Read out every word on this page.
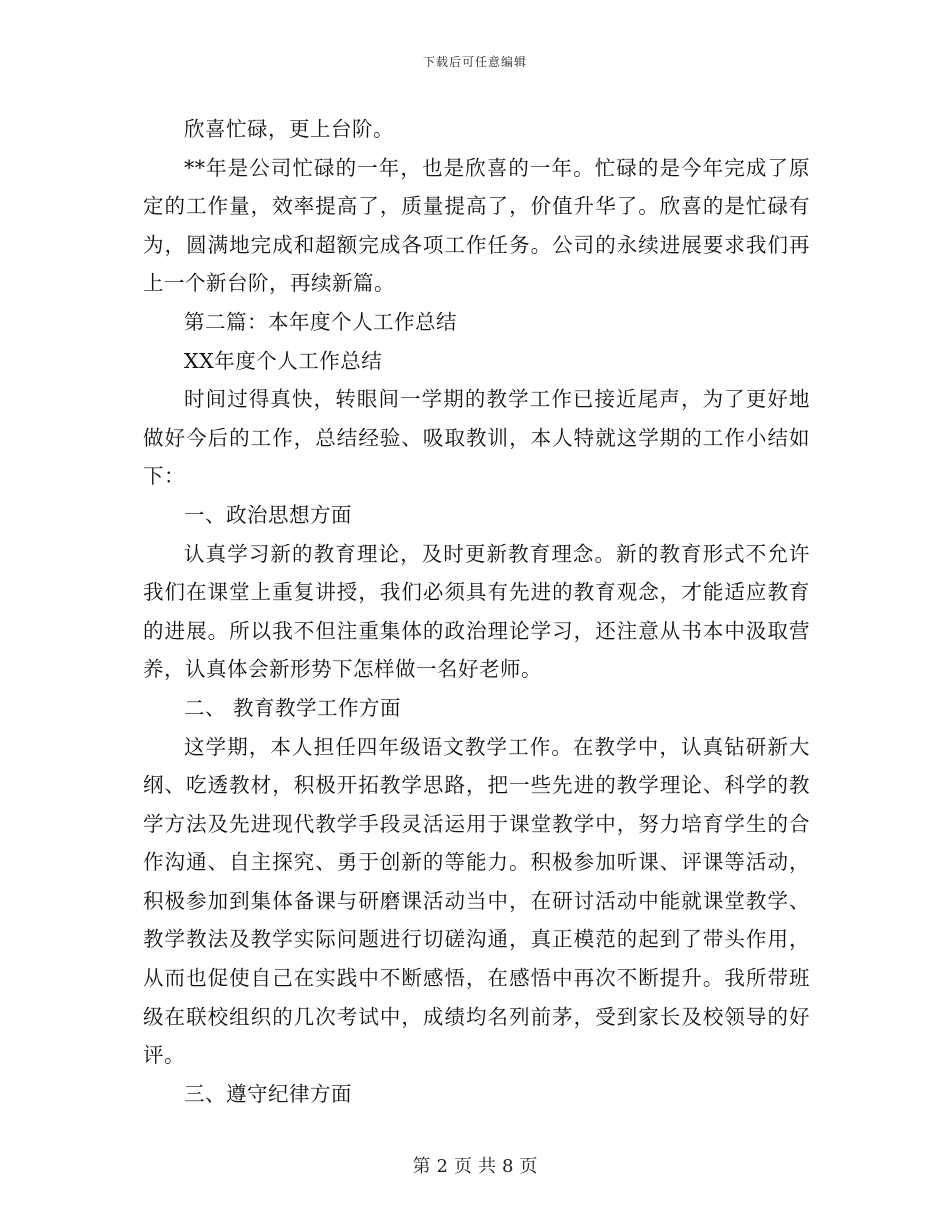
下载后可任意编辑

欣喜忙碌，更上台阶。

**年是公司忙碌的一年，也是欣喜的一年。忙碌的是今年完成了原定的工作量，效率提高了，质量提高了，价值升华了。欣喜的是忙碌有为，圆满地完成和超额完成各项工作任务。公司的永续进展要求我们再上一个新台阶，再续新篇。

第二篇：本年度个人工作总结

XX年度个人工作总结

时间过得真快，转眼间一学期的教学工作已接近尾声，为了更好地做好今后的工作，总结经验、吸取教训，本人特就这学期的工作小结如下：

一、政治思想方面

认真学习新的教育理论，及时更新教育理念。新的教育形式不允许我们在课堂上重复讲授，我们必须具有先进的教育观念，才能适应教育的进展。所以我不但注重集体的政治理论学习，还注意从书本中汲取营养，认真体会新形势下怎样做一名好老师。

二、 教育教学工作方面

这学期，本人担任四年级语文教学工作。在教学中，认真钻研新大纲、吃透教材，积极开拓教学思路，把一些先进的教学理论、科学的教学方法及先进现代教学手段灵活运用于课堂教学中，努力培育学生的合作沟通、自主探究、勇于创新的等能力。积极参加听课、评课等活动，积极参加到集体备课与研磨课活动当中，在研讨活动中能就课堂教学、教学教法及教学实际问题进行切磋沟通，真正模范的起到了带头作用，从而也促使自己在实践中不断感悟，在感悟中再次不断提升。我所带班级在联校组织的几次考试中，成绩均名列前茅，受到家长及校领导的好评。

三、遵守纪律方面

第 2 页 共 8 页
